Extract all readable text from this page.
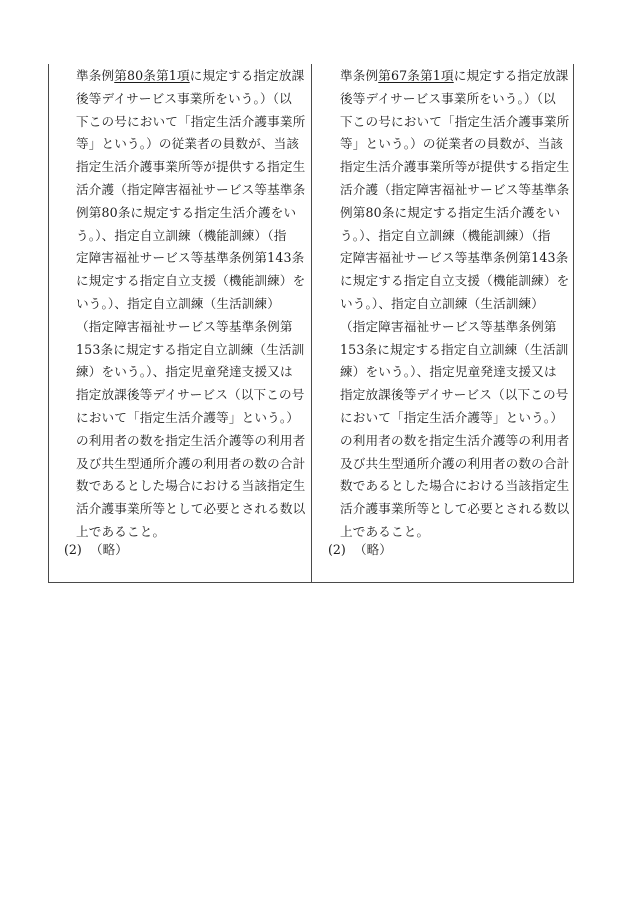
準条例第80条第1項に規定する指定放課
後等デイサービス事業所をいう。）（以
下この号において「指定生活介護事業所
等」という。）の従業者の員数が、当該
指定生活介護事業所等が提供する指定生
活介護（指定障害福祉サービス等基準条
例第80条に規定する指定生活介護をい
う。）、指定自立訓練（機能訓練）（指
定障害福祉サービス等基準条例第143条
に規定する指定自立支援（機能訓練）を
いう。）、指定自立訓練（生活訓練）
（指定障害福祉サービス等基準条例第
153条に規定する指定自立訓練（生活訓
練）をいう。）、指定児童発達支援又は
指定放課後等デイサービス（以下この号
において「指定生活介護等」という。）
の利用者の数を指定生活介護等の利用者
及び共生型通所介護の利用者の数の合計
数であるとした場合における当該指定生
活介護事業所等として必要とされる数以
上であること。
(2) （略）
準条例第67条第1項に規定する指定放課
後等デイサービス事業所をいう。）（以
下この号において「指定生活介護事業所
等」という。）の従業者の員数が、当該
指定生活介護事業所等が提供する指定生
活介護（指定障害福祉サービス等基準条
例第80条に規定する指定生活介護をい
う。）、指定自立訓練（機能訓練）（指
定障害福祉サービス等基準条例第143条
に規定する指定自立支援（機能訓練）を
いう。）、指定自立訓練（生活訓練）
（指定障害福祉サービス等基準条例第
153条に規定する指定自立訓練（生活訓
練）をいう。）、指定児童発達支援又は
指定放課後等デイサービス（以下この号
において「指定生活介護等」という。）
の利用者の数を指定生活介護等の利用者
及び共生型通所介護の利用者の数の合計
数であるとした場合における当該指定生
活介護事業所等として必要とされる数以
上であること。
(2) （略）
